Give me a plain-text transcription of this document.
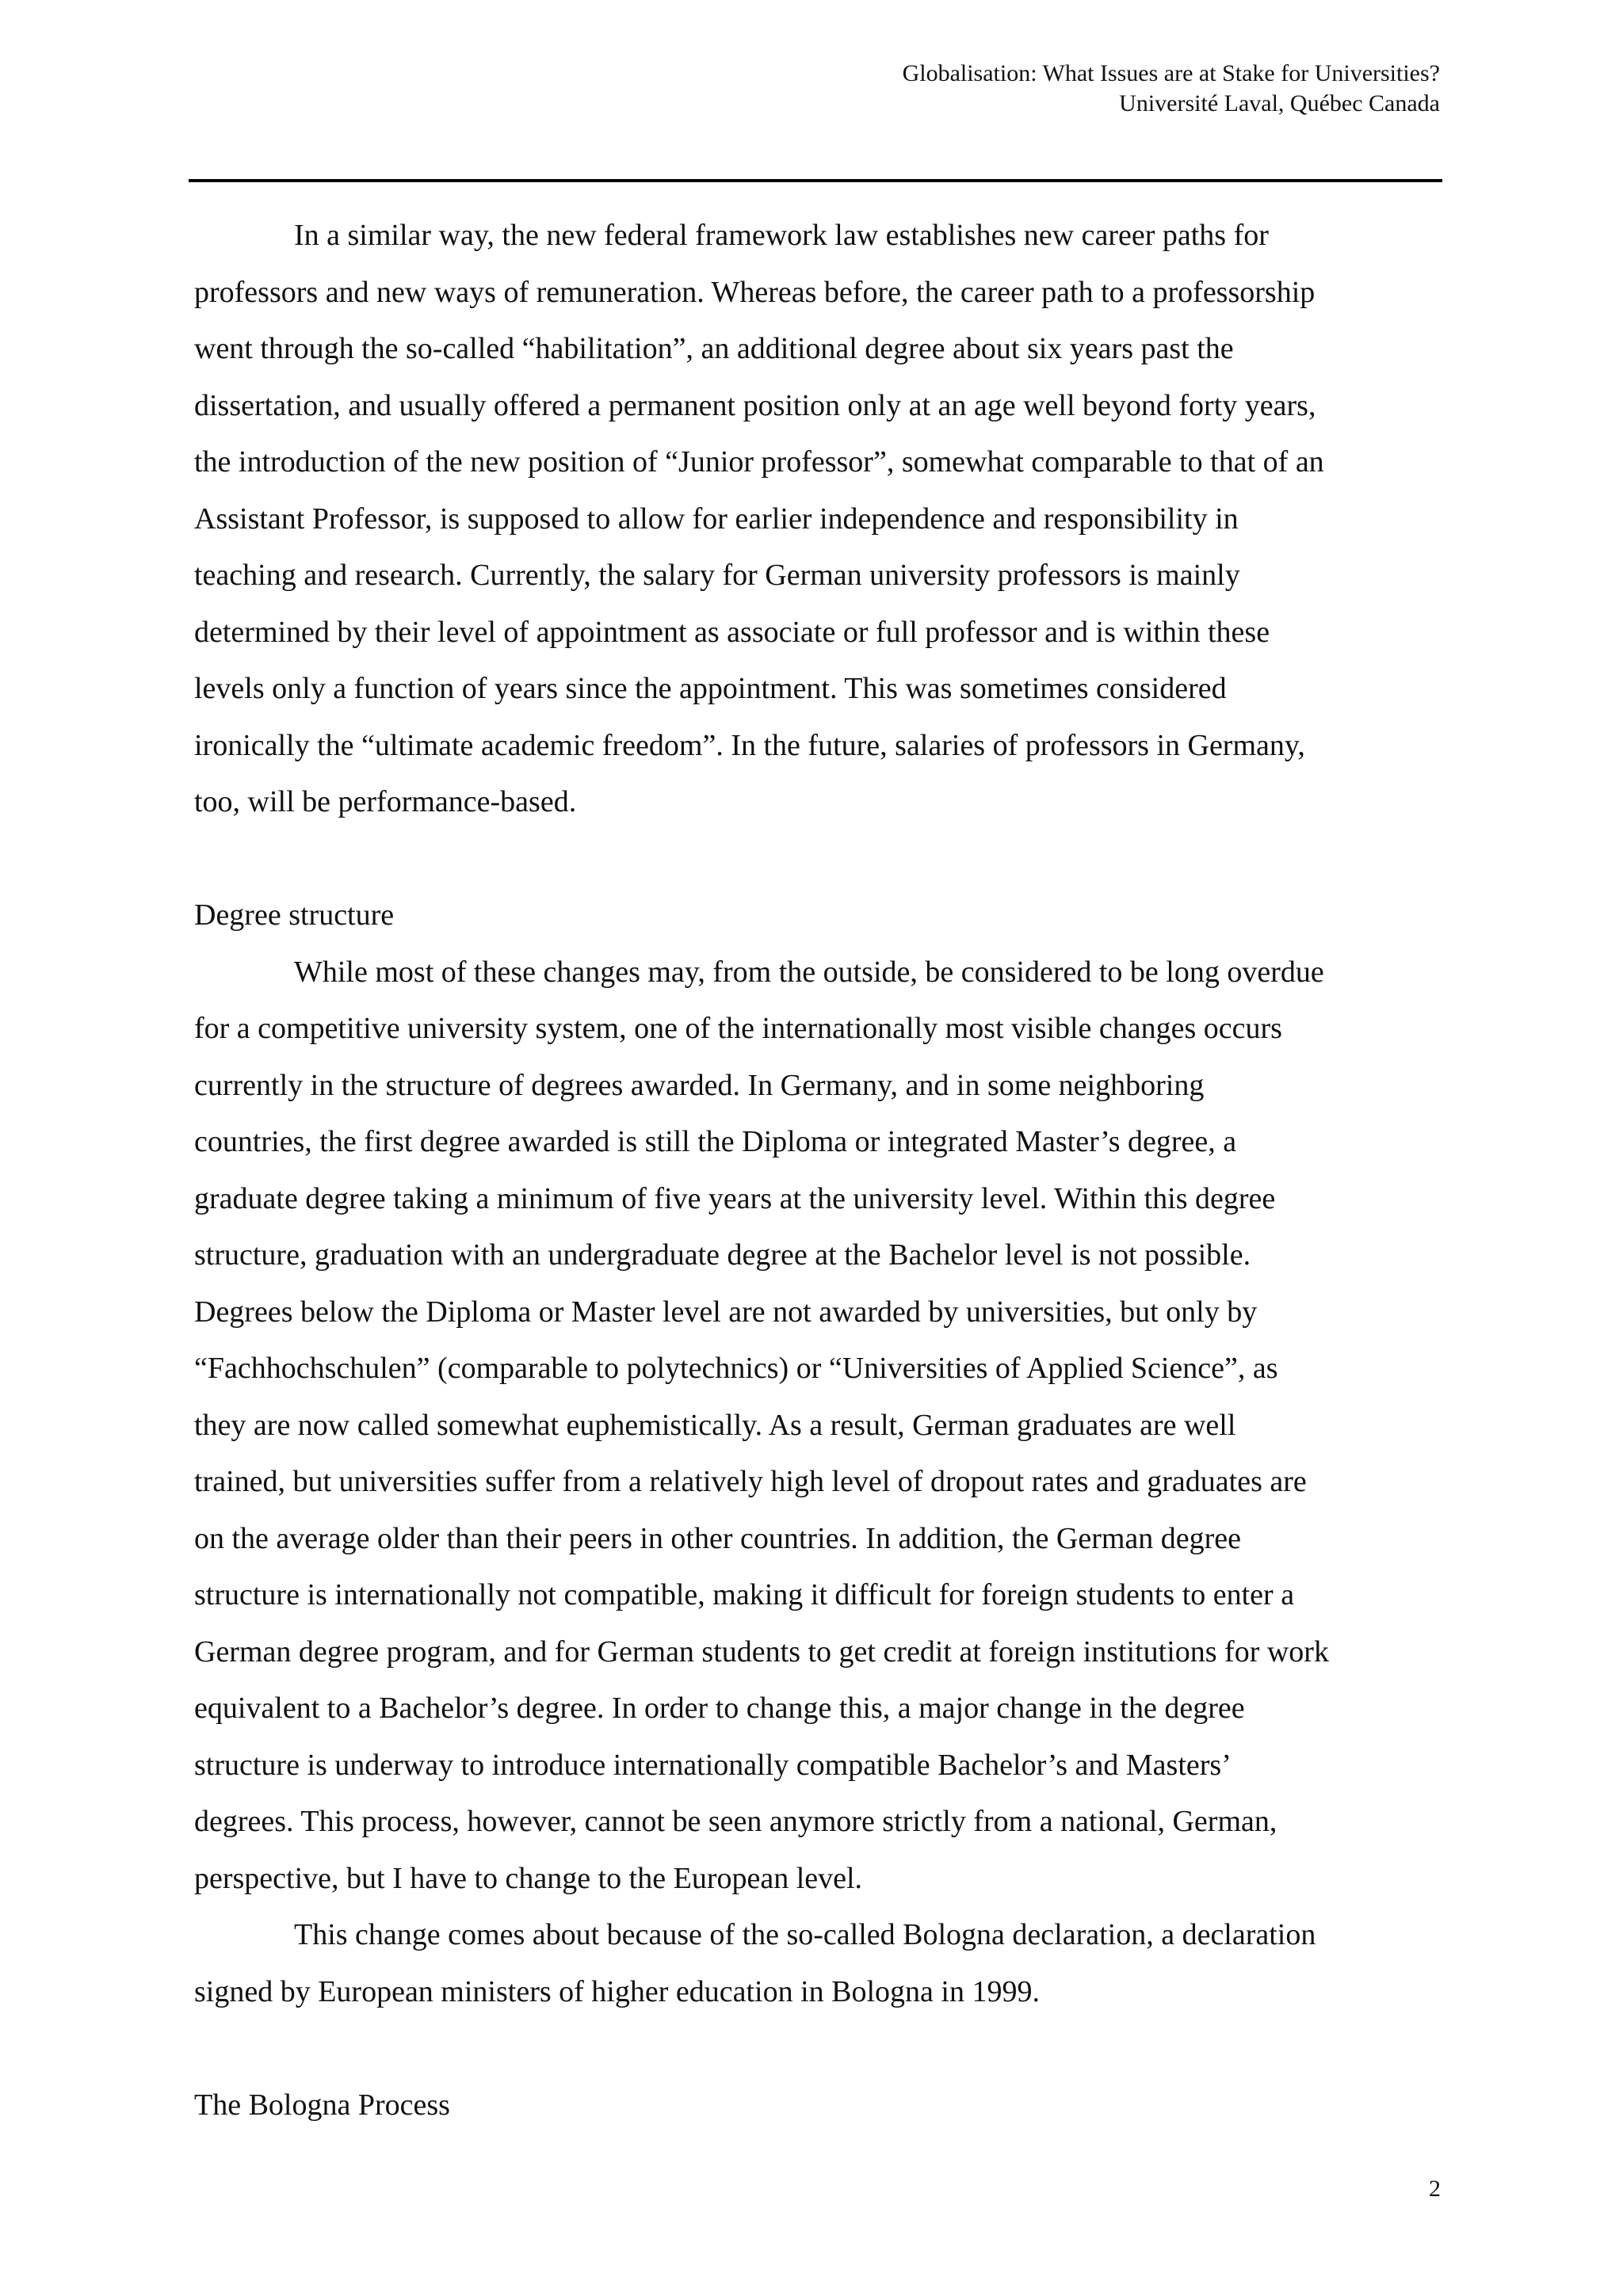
Globalisation: What Issues are at Stake for Universities?
Université Laval, Québec Canada
In a similar way, the new federal framework law establishes new career paths for
professors and new ways of remuneration. Whereas before, the career path to a professorship
went through the so-called “habilitation”, an additional degree about six years past the
dissertation, and usually offered a permanent position only at an age well beyond forty years,
the introduction of the new position of “Junior professor”, somewhat comparable to that of an
Assistant Professor, is supposed to allow for earlier independence and responsibility in
teaching and research. Currently, the salary for German university professors is mainly
determined by their level of appointment as associate or full professor and is within these
levels only a function of years since the appointment. This was sometimes considered
ironically the “ultimate academic freedom”. In the future, salaries of professors in Germany,
too, will be performance-based.
Degree structure
While most of these changes may, from the outside, be considered to be long overdue
for a competitive university system, one of the internationally most visible changes occurs
currently in the structure of degrees awarded. In Germany, and in some neighboring
countries, the first degree awarded is still the Diploma or integrated Master’s degree, a
graduate degree taking a minimum of five years at the university level. Within this degree
structure, graduation with an undergraduate degree at the Bachelor level is not possible.
Degrees below the Diploma or Master level are not awarded by universities, but only by
“Fachhochschulen” (comparable to polytechnics) or “Universities of Applied Science”, as
they are now called somewhat euphemistically. As a result, German graduates are well
trained, but universities suffer from a relatively high level of dropout rates and graduates are
on the average older than their peers in other countries. In addition, the German degree
structure is internationally not compatible, making it difficult for foreign students to enter a
German degree program, and for German students to get credit at foreign institutions for work
equivalent to a Bachelor’s degree. In order to change this, a major change in the degree
structure is underway to introduce internationally compatible Bachelor’s and Masters’
degrees. This process, however, cannot be seen anymore strictly from a national, German,
perspective, but I have to change to the European level.
This change comes about because of the so-called Bologna declaration, a declaration
signed by European ministers of higher education in Bologna in 1999.
The Bologna Process
2
